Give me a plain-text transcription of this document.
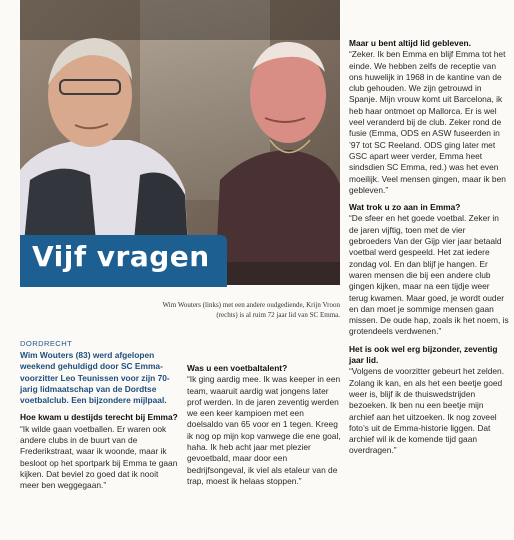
Vijf vragen
Wim Wouters (links) met een andere oudgediende, Krijn Vroon (rechts) is al ruim 72 jaar lid van SC Emma.

DORDRECHT

Wim Wouters (83) werd afgelopen weekend gehuldigd door SC Emma-voorzitter Leo Teunissen voor zijn 70-jarig lidmaatschap van de Dordtse voetbalclub. Een bijzondere mijlpaal.

Hoe kwam u destijds terecht bij Emma?

“Ik wilde gaan voetballen. Er waren ook andere clubs in de buurt van de Frederikstraat, waar ik woonde, maar ik besloot op het sportpark bij Emma te gaan kijken. Dat beviel zo goed dat ik nooit meer ben weggegaan.”

Was u een voetbaltalent?

“Ik ging aardig mee. Ik was keeper in een team, waaruit aardig wat jongens later prof werden. In de jaren zeventig werden we een keer kampioen met een doelsaldo van 65 voor en 1 tegen. Kreeg ik nog op mijn kop vanwege die ene goal, haha. Ik heb acht jaar met plezier gevoetbald, maar door een bedrijfsongeval, ik viel als etaleur van de trap, moest ik helaas stoppen.”

Maar u bent altijd lid gebleven.

“Zeker. Ik ben Emma en blijf Emma tot het einde. We hebben zelfs de receptie van ons huwelijk in 1968 in de kantine van de club gehouden. We zijn getrouwd in Spanje. Mijn vrouw komt uit Barcelona, ik heb haar ontmoet op Mallorca. Er is wel veel veranderd bij de club. Zeker rond de fusie (Emma, ODS en ASW fuseerden in ’97 tot SC Reeland. ODS ging later met GSC apart weer verder, Emma heet sindsdien SC Emma, red.) was het even moeilijk. Veel mensen gingen, maar ik ben gebleven.”

Wat trok u zo aan in Emma?

“De sfeer en het goede voetbal. Zeker in de jaren vijftig, toen met de vier gebroeders Van der Gijp vier jaar betaald voetbal werd gespeeld. Het zat iedere zondag vol. En dan blijf je hangen. Er waren mensen die bij een andere club gingen kijken, maar na een tijdje weer terug kwamen. Maar goed, je wordt ouder en dan moet je sommige mensen gaan missen. De oude hap, zoals ik het noem, is grotendeels verdwenen.”

Het is ook wel erg bijzonder, zeventig jaar lid.

“Volgens de voorzitter gebeurt het zelden. Zolang ik kan, en als het een beetje goed weer is, blijf ik de thuiswedstrijden bezoeken. Ik ben nu een beetje mijn archief aan het uitzoeken. Ik nog zoveel foto’s uit de Emma-historie liggen. Dat archief wil ik de komende tijd gaan overdragen.”
